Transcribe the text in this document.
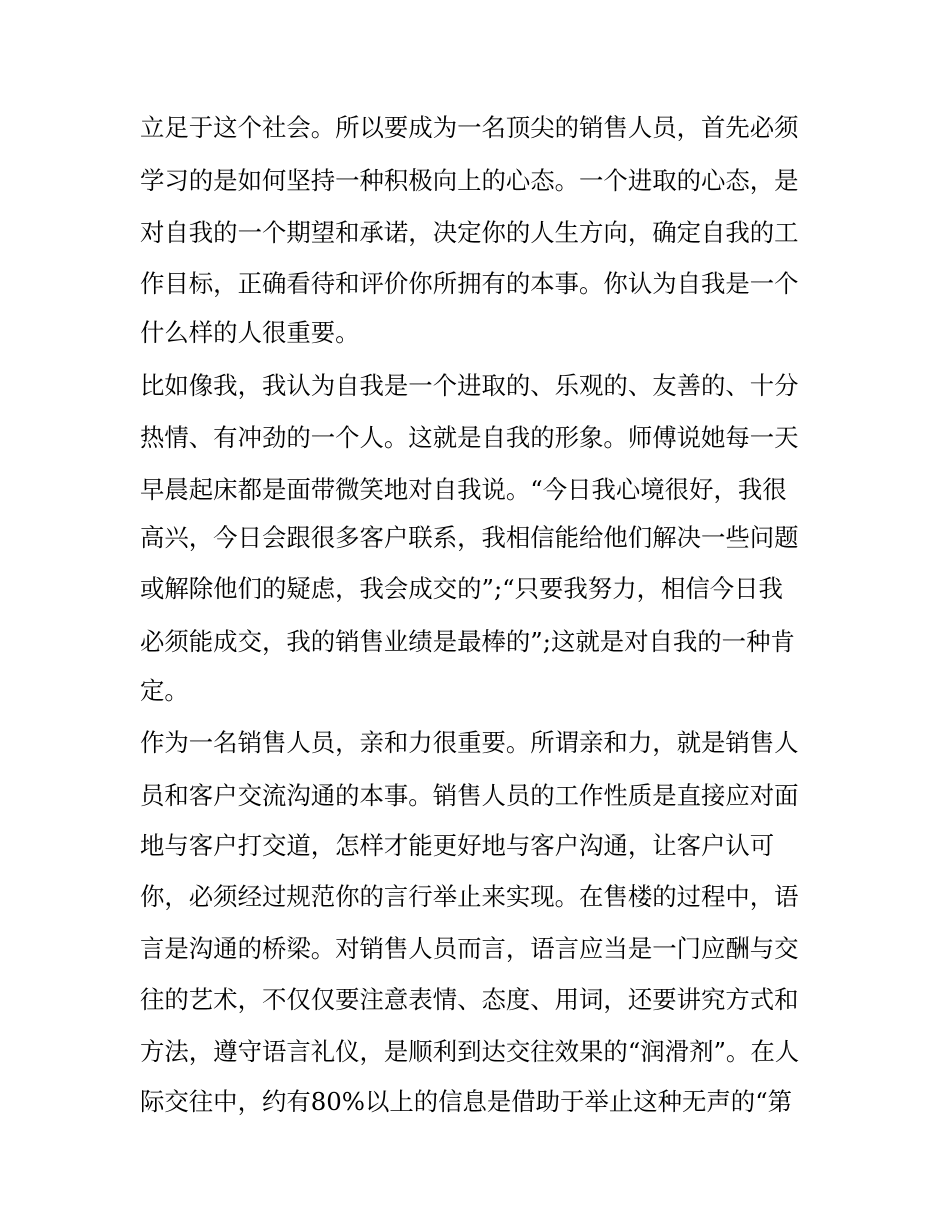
立足于这个社会。所以要成为一名顶尖的销售人员，首先必须

学习的是如何坚持一种积极向上的心态。一个进取的心态，是

对自我的一个期望和承诺，决定你的人生方向，确定自我的工

作目标，正确看待和评价你所拥有的本事。你认为自我是一个

什么样的人很重要。

比如像我，我认为自我是一个进取的、乐观的、友善的、十分

热情、有冲劲的一个人。这就是自我的形象。师傅说她每一天

早晨起床都是面带微笑地对自我说。“今日我心境很好，我很

高兴，今日会跟很多客户联系，我相信能给他们解决一些问题

或解除他们的疑虑，我会成交的”;“只要我努力，相信今日我

必须能成交，我的销售业绩是最棒的”;这就是对自我的一种肯

定。

作为一名销售人员，亲和力很重要。所谓亲和力，就是销售人

员和客户交流沟通的本事。销售人员的工作性质是直接应对面

地与客户打交道，怎样才能更好地与客户沟通，让客户认可

你，必须经过规范你的言行举止来实现。在售楼的过程中，语

言是沟通的桥梁。对销售人员而言，语言应当是一门应酬与交

往的艺术，不仅仅要注意表情、态度、用词，还要讲究方式和

方法，遵守语言礼仪，是顺利到达交往效果的“润滑剂”。在人

际交往中，约有80%以上的信息是借助于举止这种无声的“第
